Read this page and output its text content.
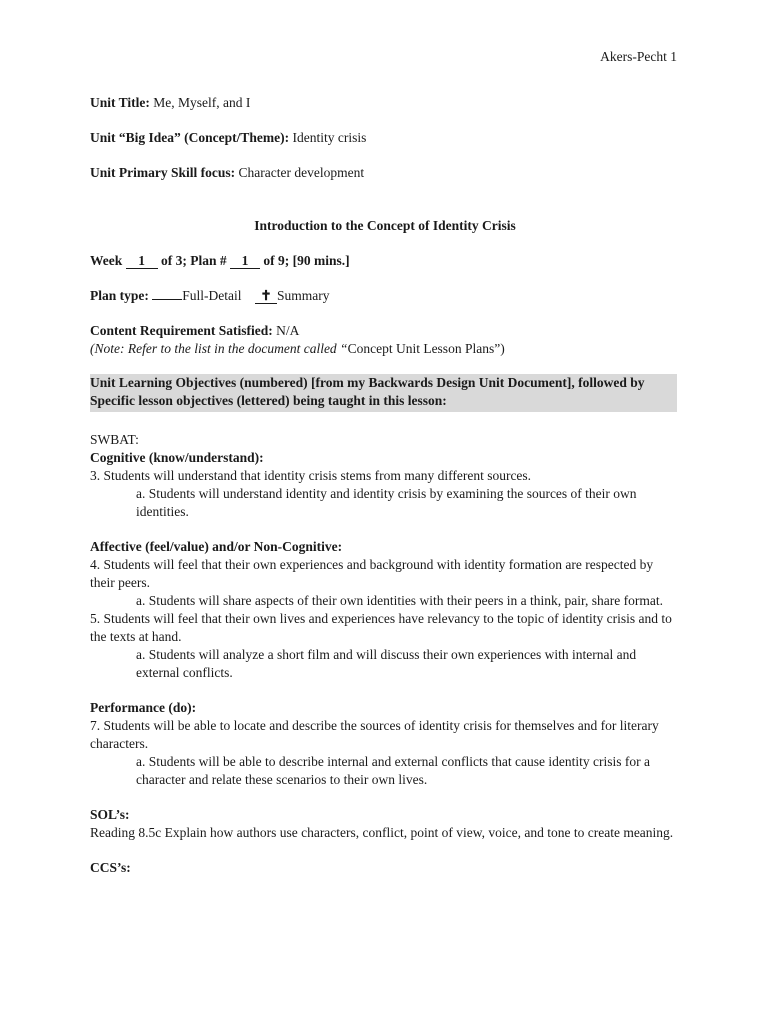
Akers-Pecht 1

Unit Title: Me, Myself, and I

Unit “Big Idea” (Concept/Theme): Identity crisis

Unit Primary Skill focus: Character development

Introduction to the Concept of Identity Crisis

Week 1 of 3; Plan # 1 of 9; [90 mins.]

Plan type: Full-Detail ✝ Summary

Content Requirement Satisfied: N/A

(Note: Refer to the list in the document called “Concept Unit Lesson Plans”)

Unit Learning Objectives (numbered) [from my Backwards Design Unit Document], followed by Specific lesson objectives (lettered) being taught in this lesson:

SWBAT:

Cognitive (know/understand):

3. Students will understand that identity crisis stems from many different sources.

a. Students will understand identity and identity crisis by examining the sources of their own identities.

Affective (feel/value) and/or Non-Cognitive:

4. Students will feel that their own experiences and background with identity formation are respected by their peers.

a. Students will share aspects of their own identities with their peers in a think, pair, share format.

5. Students will feel that their own lives and experiences have relevancy to the topic of identity crisis and to the texts at hand.

a. Students will analyze a short film and will discuss their own experiences with internal and external conflicts.

Performance (do):

7. Students will be able to locate and describe the sources of identity crisis for themselves and for literary characters.

a. Students will be able to describe internal and external conflicts that cause identity crisis for a character and relate these scenarios to their own lives.

SOL’s:

Reading 8.5c Explain how authors use characters, conflict, point of view, voice, and tone to create meaning.

CCS’s:
